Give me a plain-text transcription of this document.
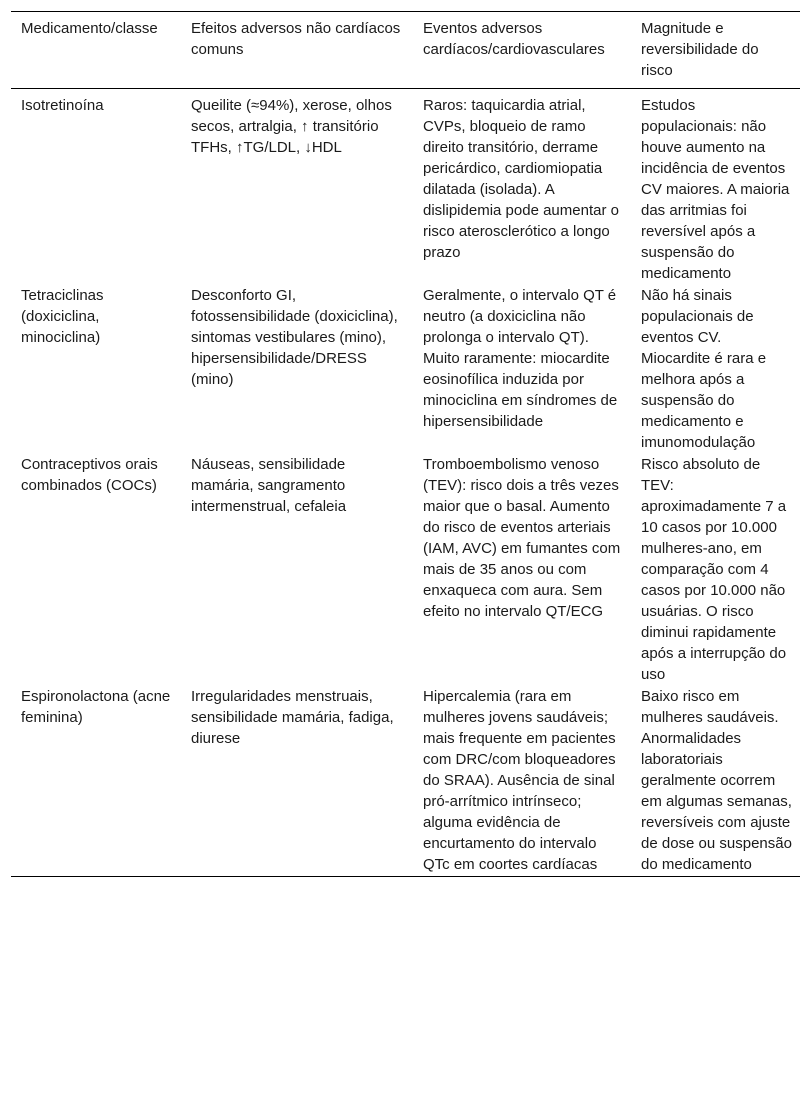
Medicamento/classe	Efeitos adversos não cardíacos comuns	Eventos adversos cardíacos/cardiovasculares	Magnitude e reversibilidade do risco
Isotretinoína	Queilite (≈94%), xerose, olhos secos, artralgia, ↑ transitório TFHs, ↑TG/LDL, ↓HDL	Raros: taquicardia atrial, CVPs, bloqueio de ramo direito transitório, derrame pericárdico, cardiomiopatia dilatada (isolada). A dislipidemia pode aumentar o risco aterosclerótico a longo prazo	Estudos populacionais: não houve aumento na incidência de eventos CV maiores. A maioria das arritmias foi reversível após a suspensão do medicamento
Tetraciclinas (doxiciclina, minociclina)	Desconforto GI, fotossensibilidade (doxiciclina), sintomas vestibulares (mino), hipersensibilidade/DRESS (mino)	Geralmente, o intervalo QT é neutro (a doxiciclina não prolonga o intervalo QT). Muito raramente: miocardite eosinofílica induzida por minociclina em síndromes de hipersensibilidade	Não há sinais populacionais de eventos CV. Miocardite é rara e melhora após a suspensão do medicamento e imunomodulação
Contraceptivos orais combinados (COCs)	Náuseas, sensibilidade mamária, sangramento intermenstrual, cefaleia	Tromboembolismo venoso (TEV): risco dois a três vezes maior que o basal. Aumento do risco de eventos arteriais (IAM, AVC) em fumantes com mais de 35 anos ou com enxaqueca com aura. Sem efeito no intervalo QT/ECG	Risco absoluto de TEV: aproximadamente 7 a 10 casos por 10.000 mulheres-ano, em comparação com 4 casos por 10.000 não usuárias. O risco diminui rapidamente após a interrupção do uso
Espironolactona (acne feminina)	Irregularidades menstruais, sensibilidade mamária, fadiga, diurese	Hipercalemia (rara em mulheres jovens saudáveis; mais frequente em pacientes com DRC/com bloqueadores do SRAA). Ausência de sinal pró-arrítmico intrínseco; alguma evidência de encurtamento do intervalo QTc em coortes cardíacas	Baixo risco em mulheres saudáveis. Anormalidades laboratoriais geralmente ocorrem em algumas semanas, reversíveis com ajuste de dose ou suspensão do medicamento
